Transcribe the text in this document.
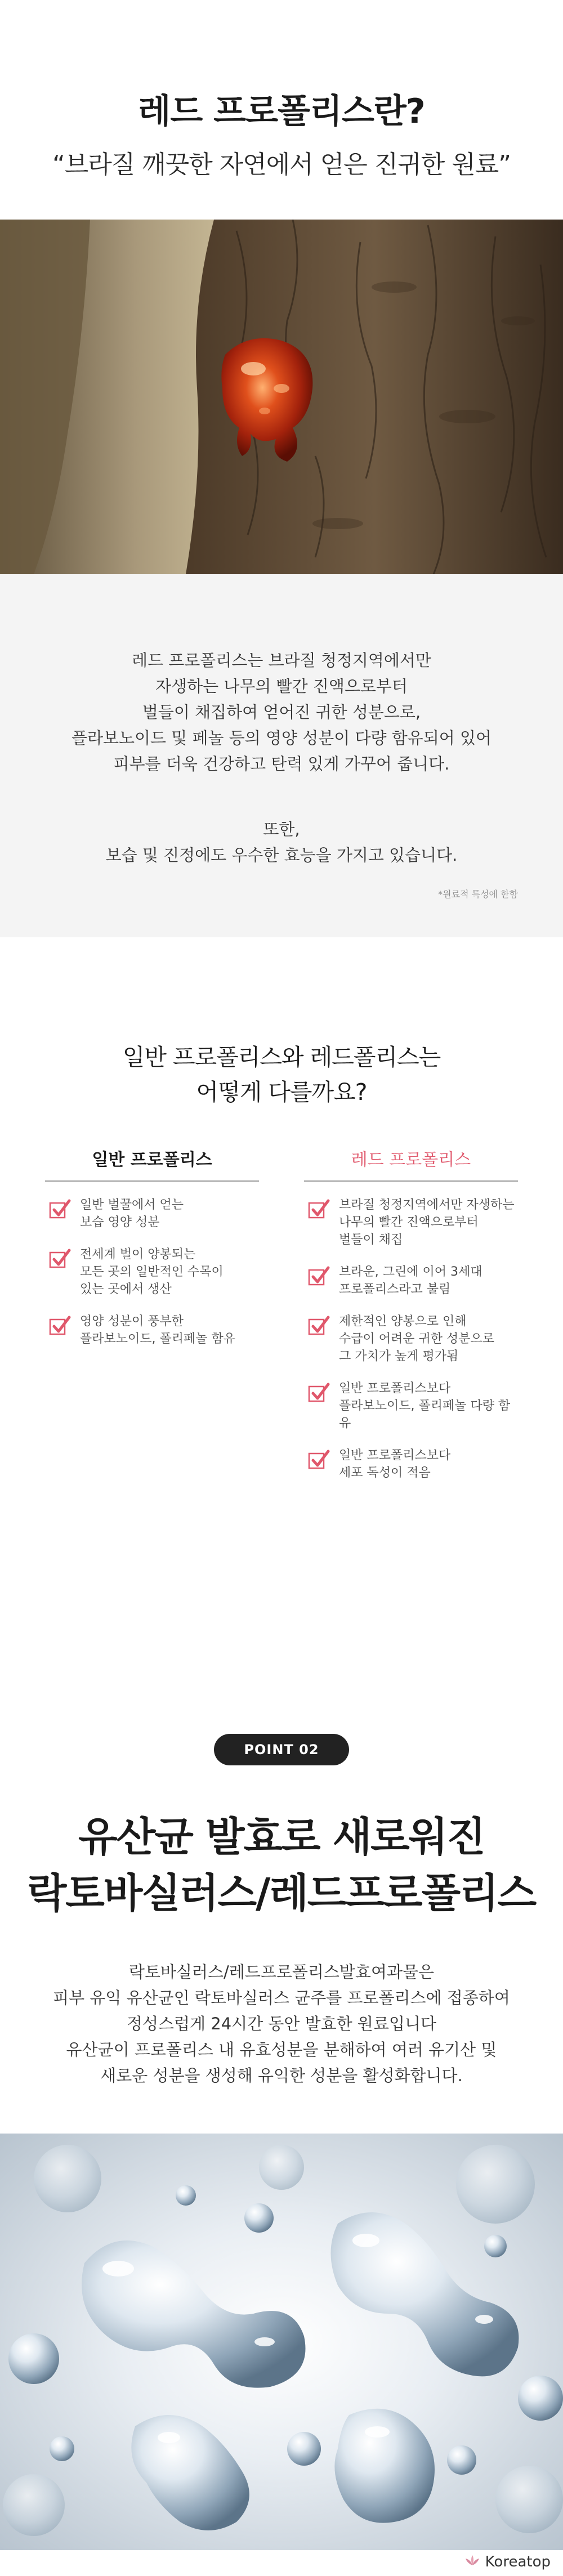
레드 프로폴리스란?
“브라질 깨끗한 자연에서 얻은 진귀한 원료”
레드 프로폴리스는 브라질 청정지역에서만
자생하는 나무의 빨간 진액으로부터
벌들이 채집하여 얻어진 귀한 성분으로,
플라보노이드 및 페놀 등의 영양 성분이 다량 함유되어 있어
피부를 더욱 건강하고 탄력 있게 가꾸어 줍니다.
또한,
보습 및 진정에도 우수한 효능을 가지고 있습니다.
*원료적 특성에 한함
일반 프로폴리스와 레드폴리스는
어떻게 다를까요?
일반 프로폴리스
일반 벌꿀에서 얻는
보습 영양 성분
전세계 벌이 양봉되는
모든 곳의 일반적인 수목이
있는 곳에서 생산
영양 성분이 풍부한
플라보노이드, 폴리페놀 함유
레드 프로폴리스
브라질 청정지역에서만 자생하는
나무의 빨간 진액으로부터
벌들이 채집
브라운, 그린에 이어 3세대
프로폴리스라고 불림
제한적인 양봉으로 인해
수급이 어려운 귀한 성분으로
그 가치가 높게 평가됨
일반 프로폴리스보다
플라보노이드, 폴리페놀 다량 함유
일반 프로폴리스보다
세포 독성이 적음
POINT 02
유산균 발효로 새로워진
락토바실러스/레드프로폴리스
락토바실러스/레드프로폴리스발효여과물은
피부 유익 유산균인 락토바실러스 균주를 프로폴리스에 접종하여
정성스럽게 24시간 동안 발효한 원료입니다
유산균이 프로폴리스 내 유효성분을 분해하여 여러 유기산 및
새로운 성분을 생성해 유익한 성분을 활성화합니다.
Koreatop
